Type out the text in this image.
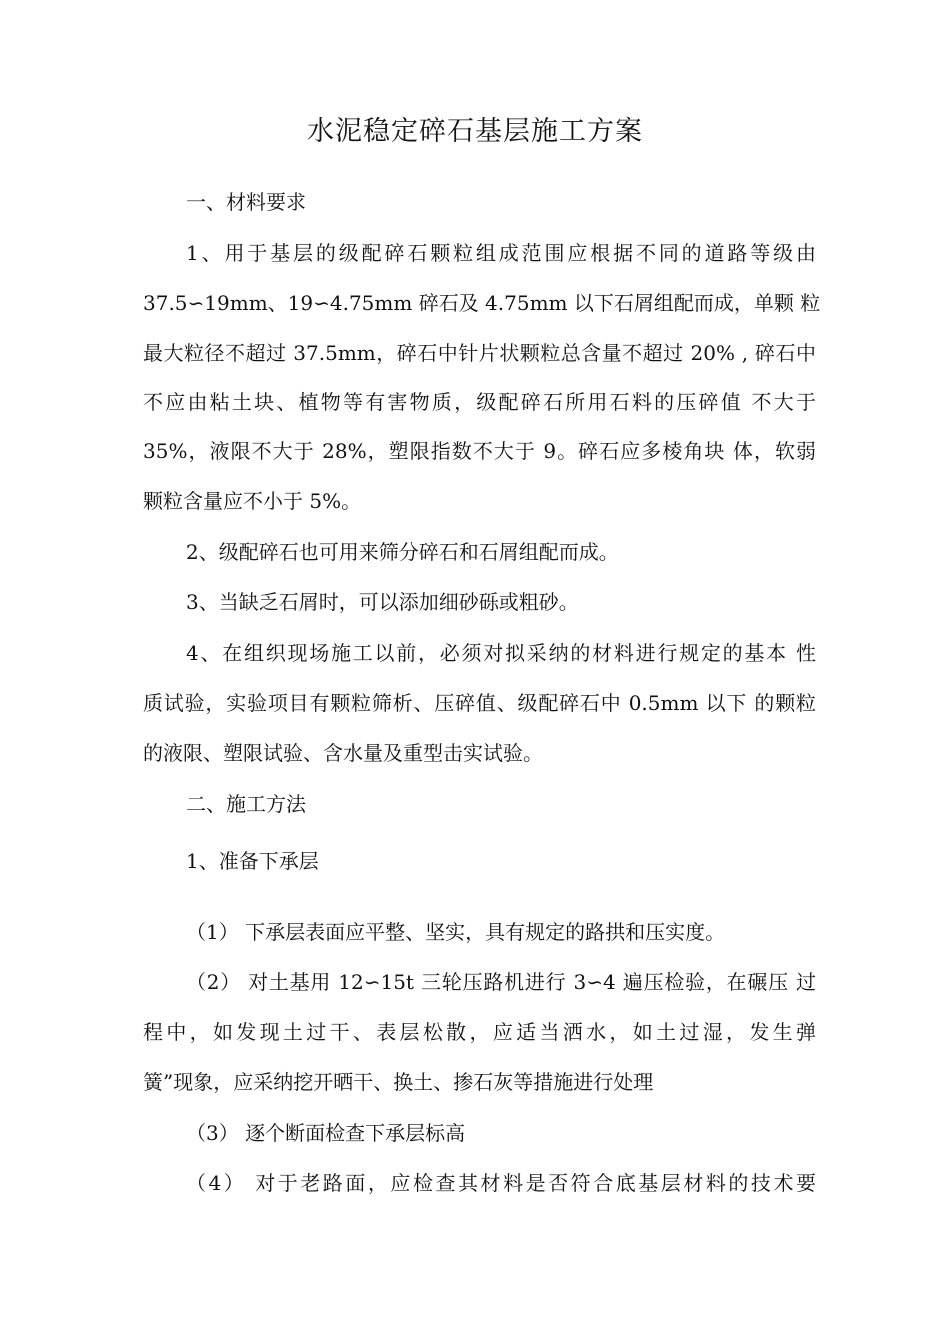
水泥稳定碎石基层施工方案
一、材料要求
1、用于基层的级配碎石颗粒组成范围应根据不同的道路等级由
37.5∽19mm、19∽4.75mm 碎石及 4.75mm 以下石屑组配而成，单颗 粒
最大粒径不超过 37.5mm，碎石中针片状颗粒总含量不超过 20% , 碎石中
不应由粘土块、植物等有害物质，级配碎石所用石料的压碎值 不大于
35%，液限不大于 28%，塑限指数不大于 9。碎石应多棱角块 体，软弱
颗粒含量应不小于 5%。
2、级配碎石也可用来筛分碎石和石屑组配而成。
3、当缺乏石屑时，可以添加细砂砾或粗砂。
4、在组织现场施工以前，必须对拟采纳的材料进行规定的基本 性
质试验，实验项目有颗粒筛析、压碎值、级配碎石中 0.5mm 以下 的颗粒
的液限、塑限试验、含水量及重型击实试验。
二、施工方法
1、准备下承层
（1） 下承层表面应平整、坚实，具有规定的路拱和压实度。
（2） 对土基用 12∽15t 三轮压路机进行 3∽4 遍压检验，在碾压 过
程中，如发现土过干、表层松散，应适当洒水，如土过湿，发生弹
簧”现象，应采纳挖开晒干、换土、掺石灰等措施进行处理
（3） 逐个断面检查下承层标高
（4） 对于老路面，应检查其材料是否符合底基层材料的技术要
